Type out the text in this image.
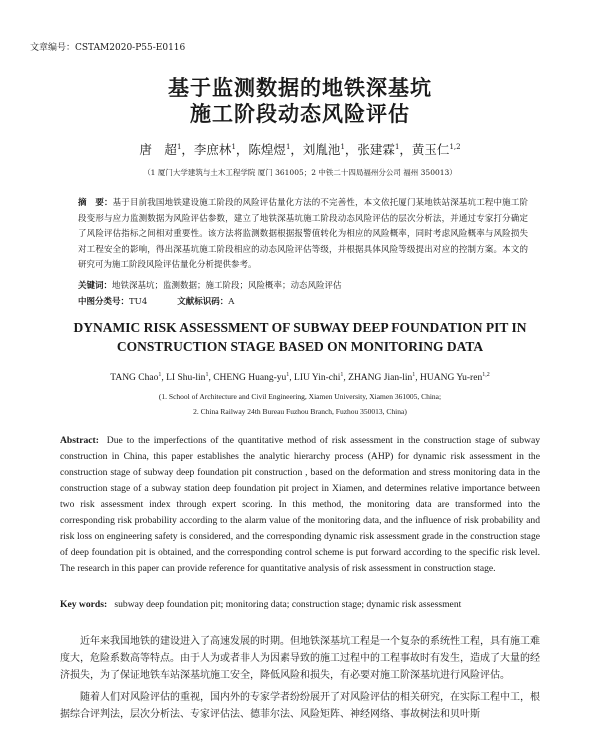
文章编号：CSTAM2020-P55-E0116
基于监测数据的地铁深基坑
施工阶段动态风险评估
唐　超$^1$，李庶林$^1$，陈煌煜$^1$，刘胤池$^1$，张建霖$^1$，黄玉仁$^{1,2}$
（1 厦门大学建筑与土木工程学院 厦门 361005；2 中铁二十四局福州分公司 福州 350013）
摘　要：基于目前我国地铁建设施工阶段的风险评估量化方法的不完善性，本文依托厦门某地铁站深基坑工程中施工阶段变形与应力监测数据为风险评估参数，建立了地铁深基坑施工阶段动态风险评估的层次分析法，并通过专家打分确定了风险评估指标之间相对重要性。该方法将监测数据根据报警值转化为相应的风险概率，同时考虑风险概率与风险损失对工程安全的影响，得出深基坑施工阶段相应的动态风险评估等级，并根据具体风险等级提出对应的控制方案。本文的研究可为施工阶段风险评估量化分析提供参考。
关键词：地铁深基坑；监测数据；施工阶段；风险概率；动态风险评估
中图分类号：TU4	文献标识码：A
DYNAMIC RISK ASSESSMENT OF SUBWAY DEEP FOUNDATION PIT IN
CONSTRUCTION STAGE BASED ON MONITORING DATA
TANG Chao$^1$, LI Shu-lin$^1$, CHENG Huang-$yu^1$, LIU Yin-chi$^1$, ZHANG Jian-lin$^1$, HUANG Yu-ren$^{1,2}$
(1. School of Architecture and Civil Engineering, Xiamen University, Xiamen 361005, China;
2. China Railway 24th Bureau Fuzhou Branch, Fuzhou 350013, China)
Abstract: Due to the imperfections of the quantitative method of risk assessment in the construction stage of subway construction in China, this paper establishes the analytic hierarchy process (AHP) for dynamic risk assessment in the construction stage of subway deep foundation pit construction , based on the deformation and stress monitoring data in the construction stage of a subway station deep foundation pit project in Xiamen, and determines relative importance between two risk assessment index through expert scoring. In this method, the monitoring data are transformed into the corresponding risk probability according to the alarm value of the monitoring data, and the influence of risk probability and risk loss on engineering safety is considered, and the corresponding dynamic risk assessment grade in the construction stage of deep foundation pit is obtained, and the corresponding control scheme is put forward according to the specific risk level. The research in this paper can provide reference for quantitative analysis of risk assessment in construction stage.
Key words: subway deep foundation pit; monitoring data; construction stage; dynamic risk assessment

近年来我国地铁的建设进入了高速发展的时期。但地铁深基坑工程是一个复杂的系统性工程，具有施工难度大，危险系数高等特点。由于人为或者非人为因素导致的施工过程中的工程事故时有发生，造成了大量的经济损失，为了保证地铁车站深基坑施工安全，降低风险和损失，有必要对施工阶深基坑进行风险评估。

随着人们对风险评估的重视，国内外的专家学者纷纷展开了对风险评估的相关研究，在实际工程中工，根据综合评判法，层次分析法、专家评估法、德菲尔法、风险矩阵、神经网络、事故树法和贝叶斯
